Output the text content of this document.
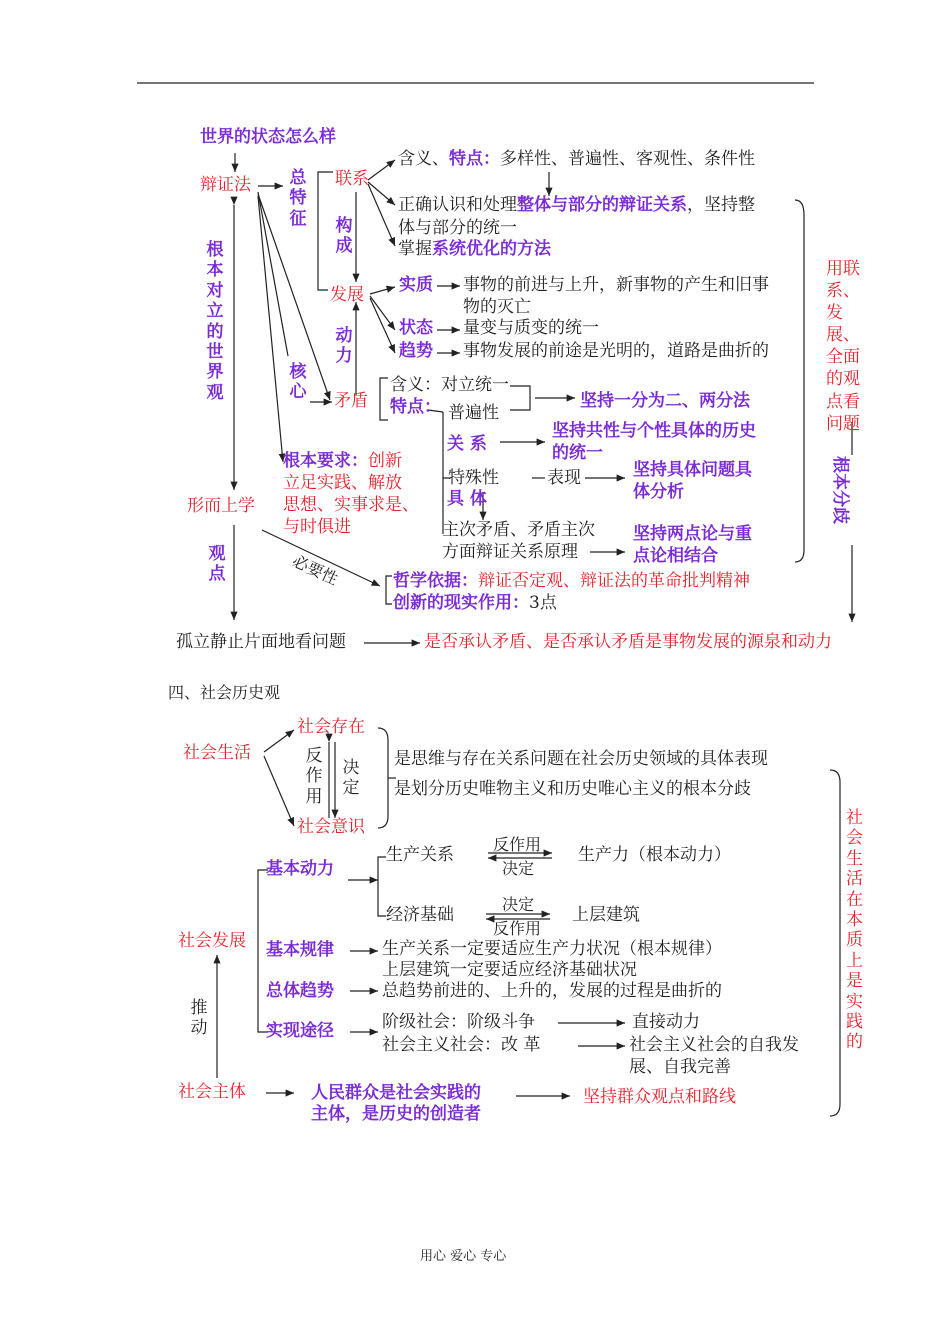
世界的状态怎么样
辩证法 总特征
联系
构成
发展
动力
核心 矛盾
根本对立的世界观
形而上学
观点
含义、特点：多样性、普遍性、客观性、条件性
正确认识和处理整体与部分的辩证关系，坚持整
体与部分的统一
掌握系统优化的方法
实质 事物的前进与上升，新事物的产生和旧事
物的灭亡
状态 量变与质变的统一
趋势 事物发展的前途是光明的，道路是曲折的
含义：对立统一
特点： 普遍性
关 系
特殊性
具 体
表现
主次矛盾、矛盾主次
方面辩证关系原理
坚持一分为二、两分法
坚持共性与个性具体的历史
的统一
坚持具体问题具
体分析
坚持两点论与重
点论相结合
根本要求：创新
立足实践、解放
思想、实事求是、
与时俱进
必要性	哲学依据：辩证否定观、辩证法的革命批判精神
创新的现实作用：3点
孤立静止片面地看问题	是否承认矛盾、是否承认矛盾是事物发展的源泉和动力
用联系、发展、全面的观点看问题
根本分歧
四、社会历史观
社会生活
社会存在
社会意识
反作用
决定
是思维与存在关系问题在社会历史领域的具体表现
是划分历史唯物主义和历史唯心主义的根本分歧
基本动力
生产关系
反作用
决定
生产力（根本动力）
经济基础
决定
反作用
上层建筑
社会发展 基本规律	生产关系一定要适应生产力状况（根本规律）
上层建筑一定要适应经济基础状况
总体趋势	总趋势前进的、上升的，发展的过程是曲折的
实现途径	阶级社会：阶级斗争	直接动力
社会主义社会：改 革	社会主义社会的自我发
展、自我完善
推动
社会主体	人民群众是社会实践的
主体，是历史的创造者
坚持群众观点和路线
社会生活在本质上是实践的
用心 爱心 专心
